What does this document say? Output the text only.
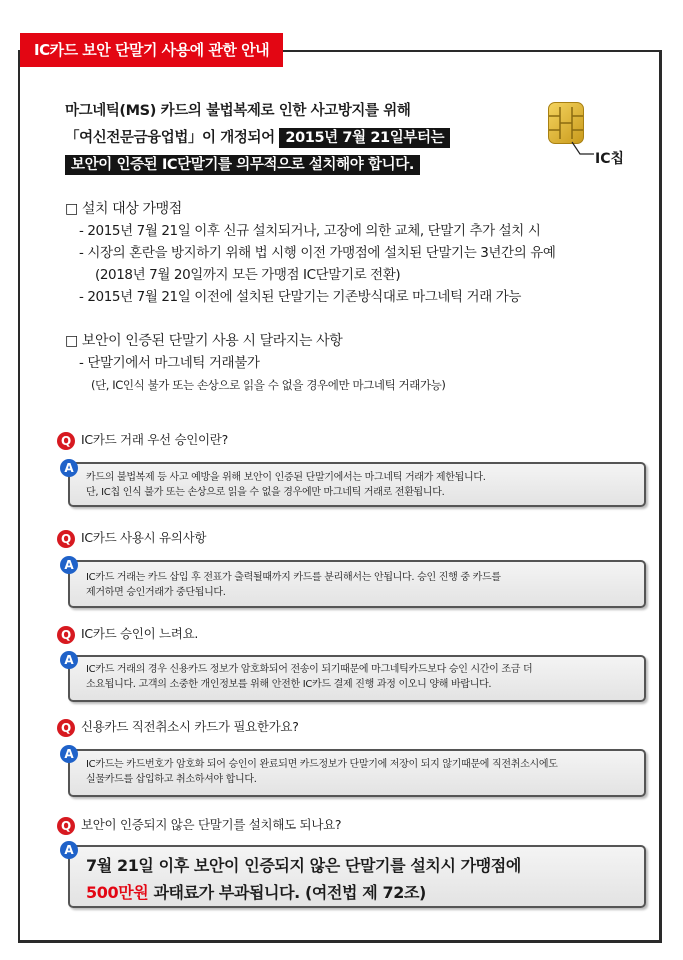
IC카드 보안 단말기 사용에 관한 안내
마그네틱(MS) 카드의 불법복제로 인한 사고방지를 위해
「여신전문금융업법」이 개정되어 2015년 7월 21일부터는
보안이 인증된 IC단말기를 의무적으로 설치해야 합니다.	IC칩
□ 설치 대상 가맹점
- 2015년 7월 21일 이후 신규 설치되거나, 고장에 의한 교체, 단말기 추가 설치 시
- 시장의 혼란을 방지하기 위해 법 시행 이전 가맹점에 설치된 단말기는 3년간의 유예
(2018년 7월 20일까지 모든 가맹점 IC단말기로 전환)
- 2015년 7월 21일 이전에 설치된 단말기는 기존방식대로 마그네틱 거래 가능
□ 보안이 인증된 단말기 사용 시 달라지는 사항
- 단말기에서 마그네틱 거래불가
(단, IC인식 불가 또는 손상으로 읽을 수 없을 경우에만 마그네틱 거래가능)
Q IC카드 거래 우선 승인이란?
A
카드의 불법복제 등 사고 예방을 위해 보안이 인증된 단말기에서는 마그네틱 거래가 제한됩니다.
단, IC칩 인식 불가 또는 손상으로 읽을 수 없을 경우에만 마그네틱 거래로 전환됩니다.
Q IC카드 사용시 유의사항
A
IC카드 거래는 카드 삽입 후 전표가 출력될때까지 카드를 분리해서는 안됩니다. 승인 진행 중 카드를
제거하면 승인거래가 중단됩니다.
Q IC카드 승인이 느려요.
A
IC카드 거래의 경우 신용카드 정보가 암호화되어 전송이 되기때문에 마그네틱카드보다 승인 시간이 조금 더
소요됩니다. 고객의 소중한 개인정보를 위해 안전한 IC카드 결제 진행 과정 이오니 양해 바랍니다.
Q 신용카드 직전취소시 카드가 필요한가요?
A
IC카드는 카드번호가 암호화 되어 승인이 완료되면 카드정보가 단말기에 저장이 되지 않기때문에 직전취소시에도
실물카드를 삽입하고 취소하셔야 합니다.
Q 보안이 인증되지 않은 단말기를 설치해도 되나요?
A
7월 21일 이후 보안이 인증되지 않은 단말기를 설치시 가맹점에
500만원 과태료가 부과됩니다. (여전법 제 72조)
